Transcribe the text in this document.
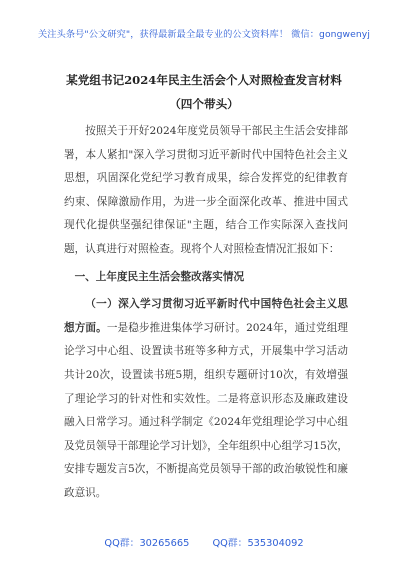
关注头条号"公文研究"，获得最新最全最专业的公文资料库！ 微信：gongwenyj
某党组书记2024年民主生活会个人对照检查发言材料（四个带头）

按照关于开好2024年度党员领导干部民主生活会安排部署，本人紧扣"深入学习贯彻习近平新时代中国特色社会主义思想，巩固深化党纪学习教育成果，综合发挥党的纪律教育约束、保障激励作用，为进一步全面深化改革、推进中国式现代化提供坚强纪律保证"主题，结合工作实际深入查找问题，认真进行对照检查。现将个人对照检查情况汇报如下：

一、上年度民主生活会整改落实情况

（一）深入学习贯彻习近平新时代中国特色社会主义思想方面。一是稳步推进集体学习研讨。2024年，通过党组理论学习中心组、设置读书班等多种方式，开展集中学习活动共计20次，设置读书班5期，组织专题研讨10次，有效增强了理论学习的针对性和实效性。二是将意识形态及廉政建设融入日常学习。通过科学制定《2024年党组理论学习中心组及党员领导干部理论学习计划》，全年组织中心组学习15次，安排专题发言5次，不断提高党员领导干部的政治敏锐性和廉政意识。

QQ群：30265665 QQ群：535304092
